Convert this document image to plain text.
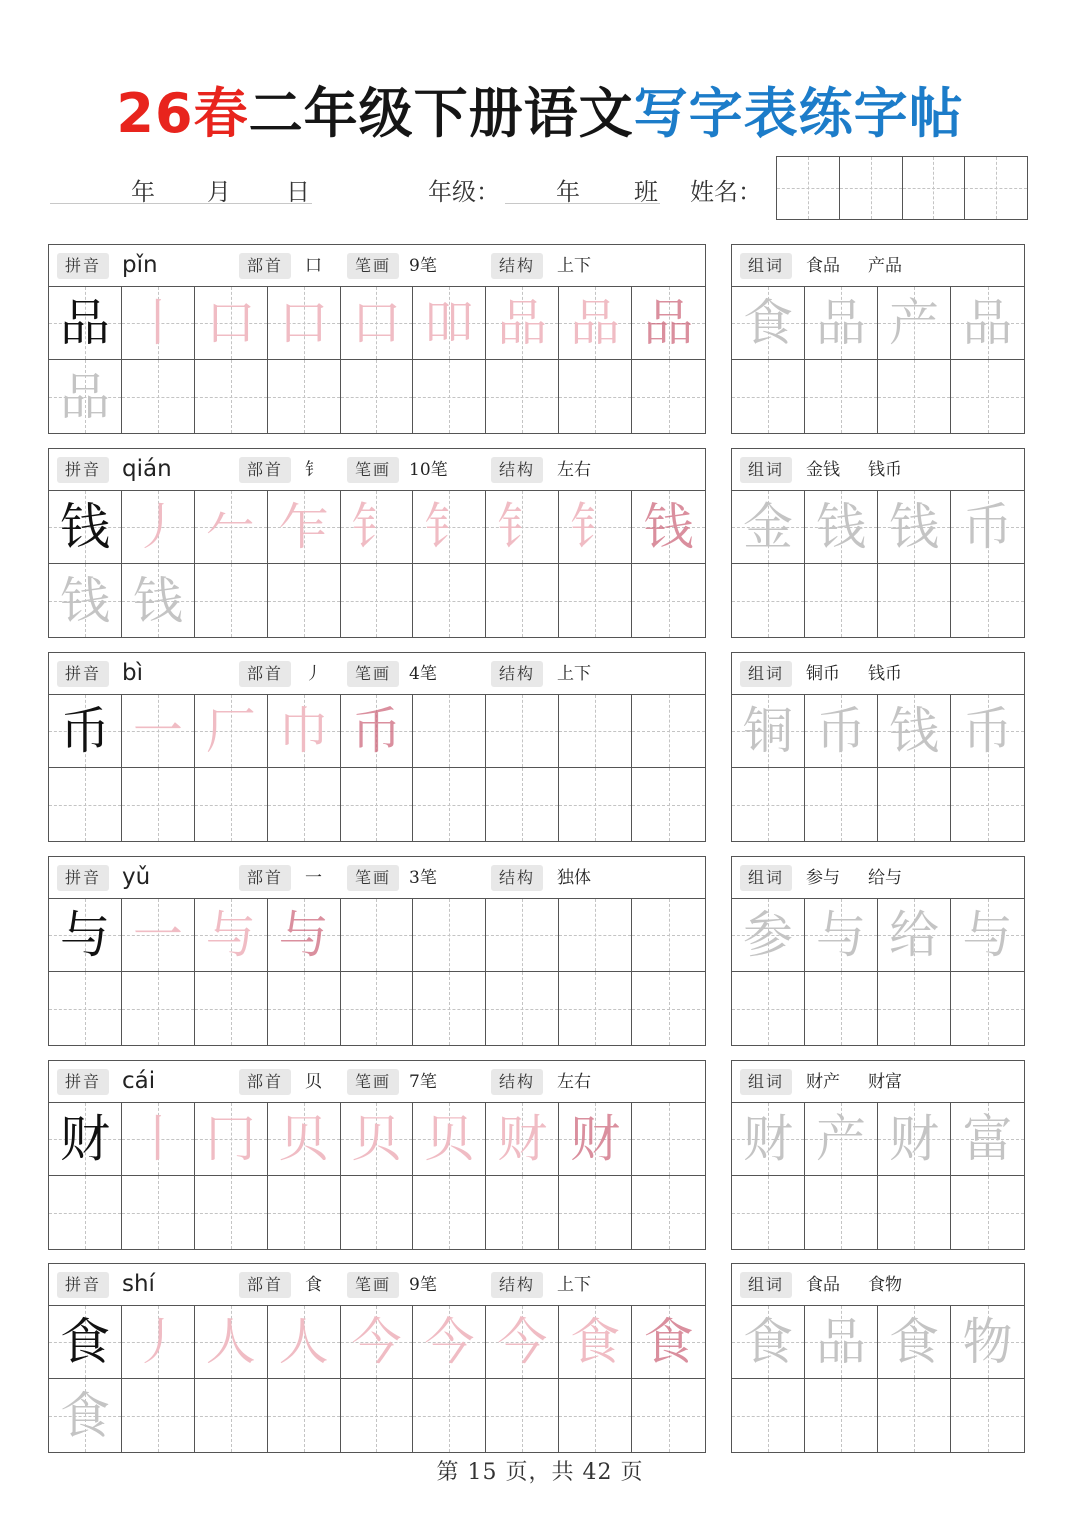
26春二年级下册语文写字表练字帖
年 月 日	年级： 年 班 姓名：
拼音 pǐn	部首	口	笔画	9笔	结构	上下
品 丨 口 口 口 吅 品 品 品
品
组词	食品 产品
食 品 产 品
拼音 qián	部首	钅	笔画	10笔	结构	左右
钱 丿 𠂉 乍 钅 钅 钅 钅 钱
钱 钱
组词	金钱 钱币
金 钱 钱 币
拼音 bì	部首	丿	笔画	4笔	结构	上下
币 一 厂 巾 币
组词	铜币 钱币
铜 币 钱 币
拼音 yǔ	部首	一	笔画	3笔	结构	独体
与 一 与 与
组词	参与 给与
参 与 给 与
拼音 cái	部首	贝	笔画	7笔	结构	左右
财 丨 冂 贝 贝 贝 财 财
组词	财产 财富
财 产 财 富
拼音 shí	部首	食	笔画	9笔	结构	上下
食 丿 人 人 今 今 今 食 食
食
组词	食品 食物
食 品 食 物
第 15 页，共 42 页
